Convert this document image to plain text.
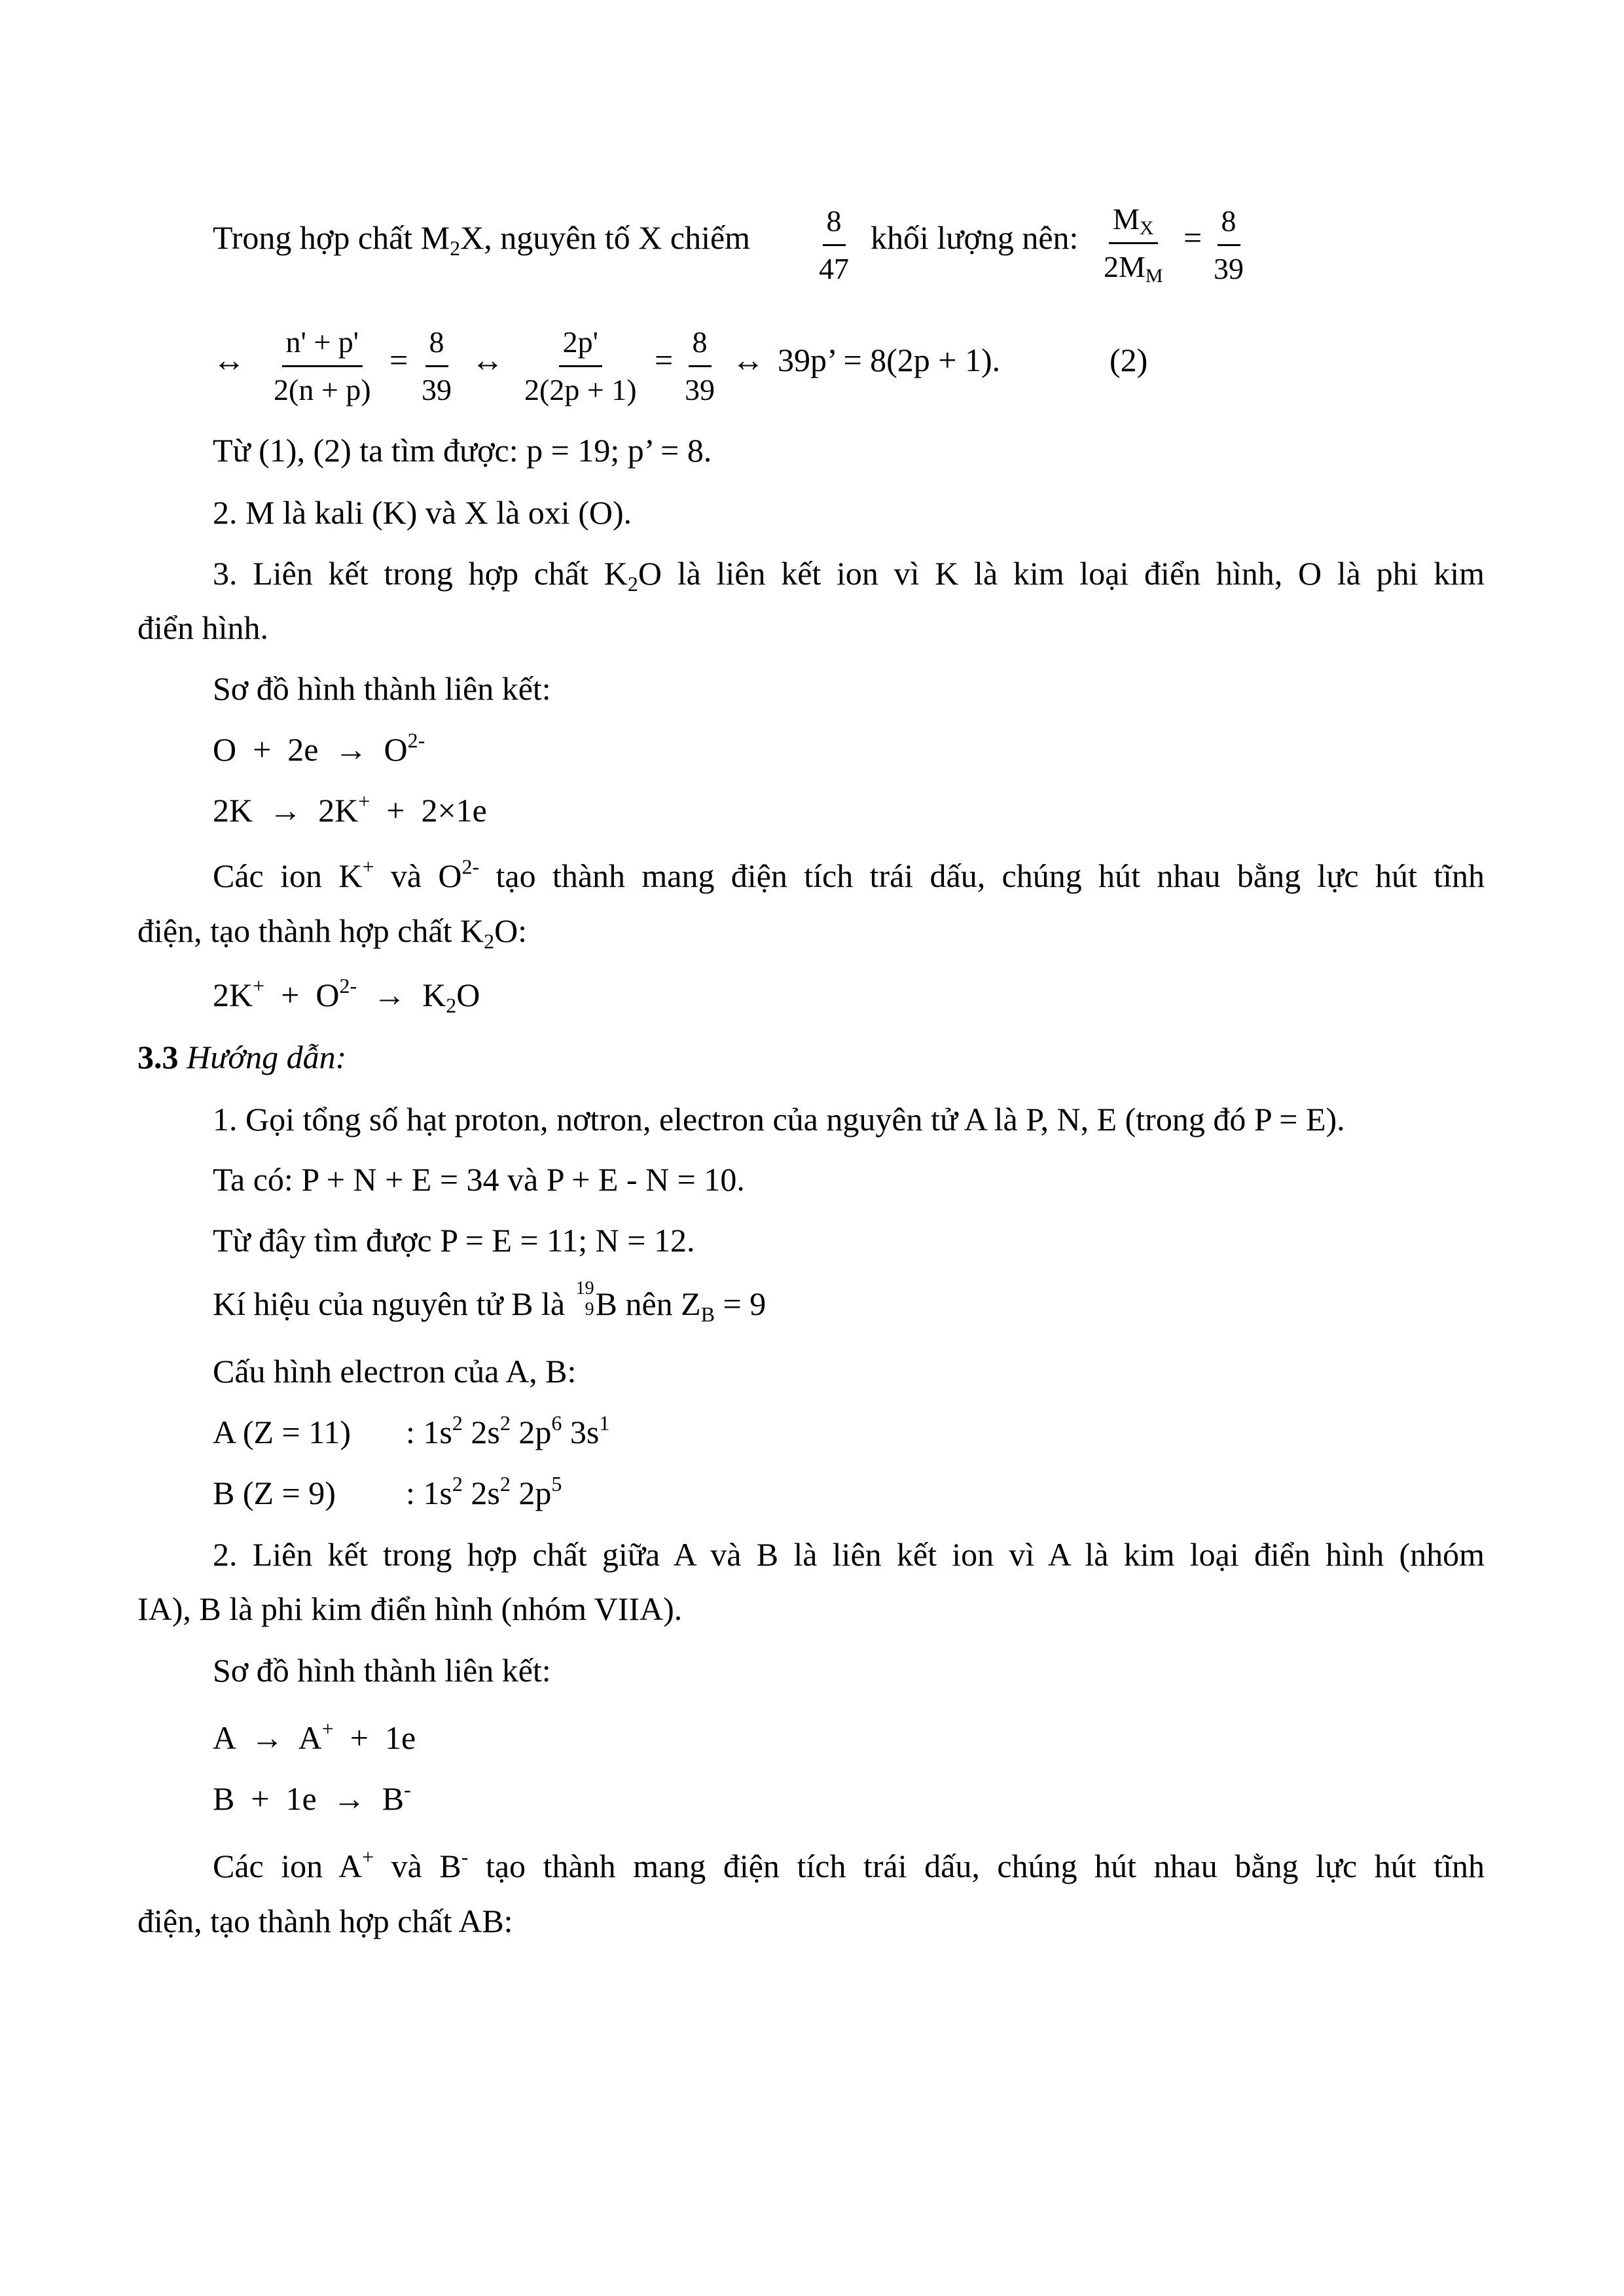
Trong hợp chất $M_2X$, nguyên tố X chiếm $\frac{8}{47}$ khối lượng nên: $\frac{M_X}{2M_M} = \frac{8}{39}$
↔ $\frac{n' + p'}{2(n + p)} = \frac{8}{39}$ ↔ $\frac{2p'}{2(2p + 1)} = \frac{8}{39}$ ↔ 39p’ = 8(2p + 1).	(2)
Từ (1), (2) ta tìm được: p = 19; p’ = 8.
2. M là kali (K) và X là oxi (O).
3. Liên kết trong hợp chất $K_2O$ là liên kết ion vì K là kim loại điển hình, O là phi kim
điển hình.
Sơ đồ hình thành liên kết:
$O + 2e \to O^{2-}$
2K  →  2K+  +  2×1e
Các ion K+ và $O^{2-}$ tạo thành mang điện tích trái dấu, chúng hút nhau bằng lực hút tĩnh
điện, tạo thành hợp chất $K_2O$:
$2K^+ + O^{2-} \to K_2O$
3.3 Hướng dẫn:
1. Gọi tổng số hạt proton, nơtron, electron của nguyên tử A là P, N, E (trong đó P = E).
Ta có: P + N + E = 34 và P + E - N = 10.
Từ đây tìm được P = E = 11; N = 12.
Kí hiệu của nguyên tử B là 19
9 B nên $Z_B = 9$
Cấu hình electron của A, B:
A (Z = 11) : $1s^2$ $2s^2$ $2p^6$ $3s^1$
B (Z = 9) : $1s^2$ $2s^2$ $2p^5$
2. Liên kết trong hợp chất giữa A và B là liên kết ion vì A là kim loại điển hình (nhóm
IA), B là phi kim điển hình (nhóm VIIA).
Sơ đồ hình thành liên kết:
A  →  A+  +  1e
B  +  1e  →  B-
Các ion A+ và B- tạo thành mang điện tích trái dấu, chúng hút nhau bằng lực hút tĩnh
điện, tạo thành hợp chất AB:
